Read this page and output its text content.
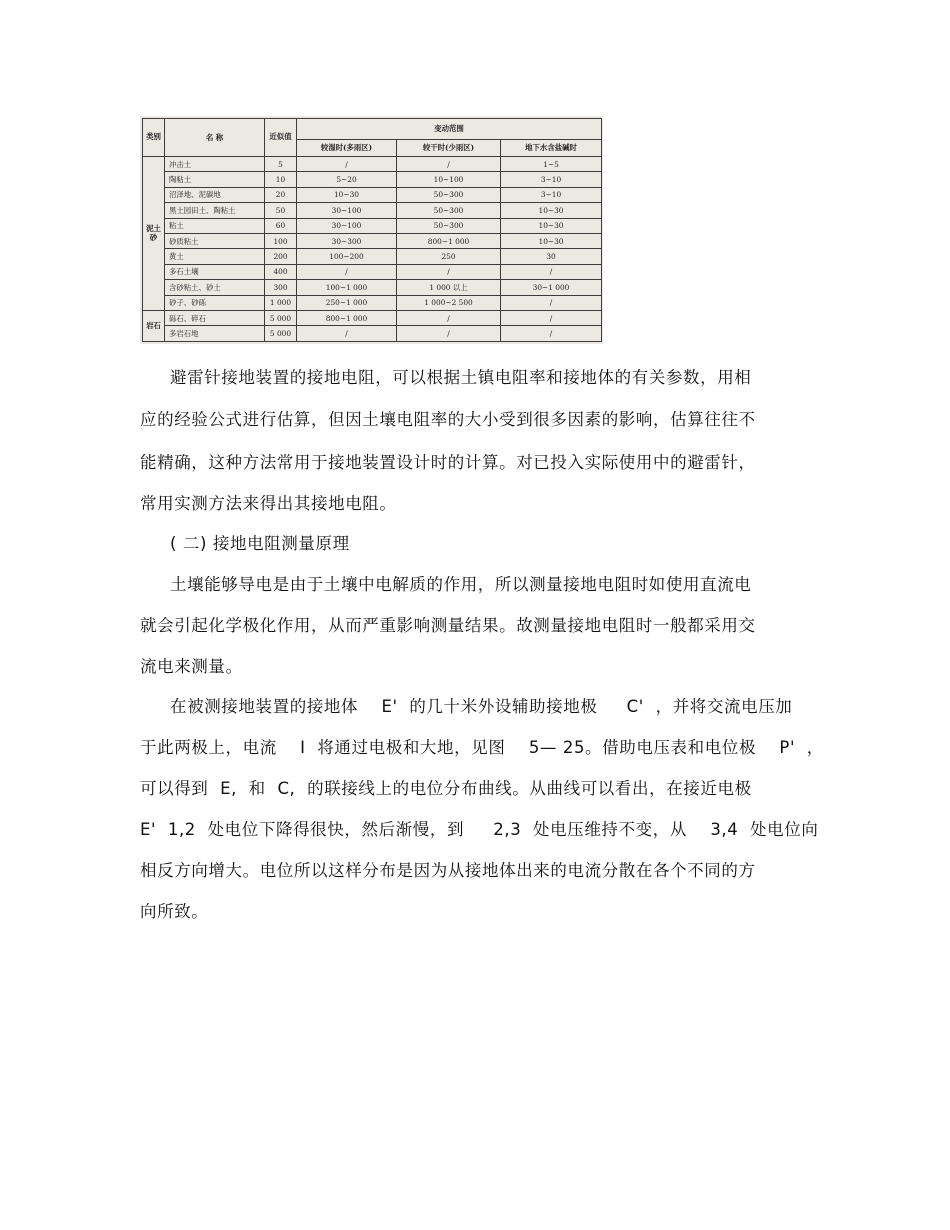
类别	名 称	近似值	变动范围		
			较湿时(多雨区)	较干时(少雨区)	地下水含盐碱时
泥土砂	冲击土	5	/	/	1~5
	陶粘土	10	5~20	10~100	3~10
	沼泽地、泥碳地	20	10~30	50~300	3~10
	黑土园田土、陶粘土	50	30~100	50~300	10~30
	粘土	60	30~100	50~300	10~30
	砂质粘土	100	30~300	800~1 000	10~30
	黄土	200	100~200	250	30
	多石土壤	400	/	/	/
	含砂粘土、砂土	300	100~1 000	1 000 以上	30~1 000
	砂子、砂砾	1 000	250~1 000	1 000~2 500	/
岩石	砾石、碎石	5 000	800~1 000	/	/
	多岩石地	5 000	/	/	/

避雷针接地装置的接地电阻，可以根据土镇电阻率和接地体的有关参数，用相

应的经验公式进行估算，但因土壤电阻率的大小受到很多因素的影响，估算往往不

能精确，这种方法常用于接地装置设计时的计算。对已投入实际使用中的避雷针，

常用实测方法来得出其接地电阻。

( 二) 接地电阻测量原理

土壤能够导电是由于土壤中电解质的作用，所以测量接地电阻时如使用直流电

就会引起化学极化作用，从而严重影响测量结果。故测量接地电阻时一般都采用交

流电来测量。

在被测接地装置的接地体    E'  的几十米外设辅助接地极     C'  ，并将交流电压加

于此两极上，电流    I  将通过电极和大地，见图    5— 25。借助电压表和电位极    P'  ，

可以得到  E,  和  C,  的联接线上的电位分布曲线。从曲线可以看出，在接近电极

E'  1,2  处电位下降得很快，然后渐慢，到     2,3  处电压维持不变，从    3,4  处电位向

相反方向增大。电位所以这样分布是因为从接地体出来的电流分散在各个不同的方

向所致。
